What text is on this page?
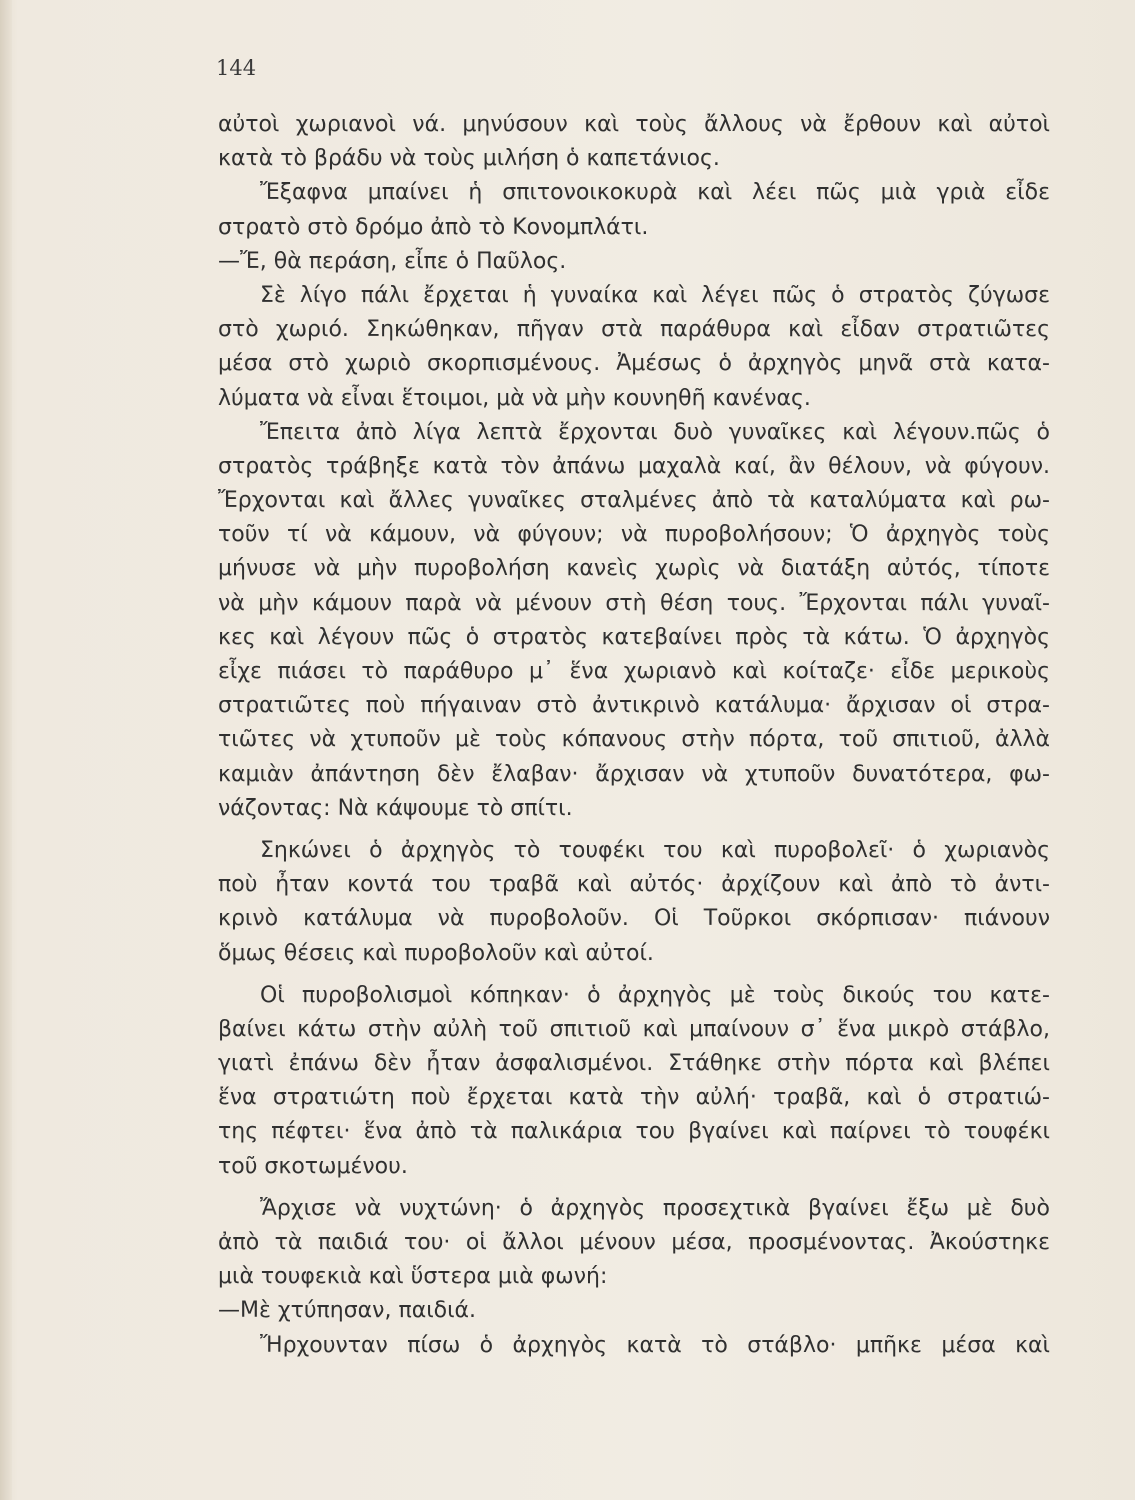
144
αὐτοὶ χωριανοὶ νά. μηνύσουν καὶ τοὺς ἄλλους νὰ ἔρθουν καὶ αὐτοὶ
κατὰ τὸ βράδυ νὰ τοὺς μιλήση ὁ καπετάνιος.
Ἔξαφνα μπαίνει ἡ σπιτονοικοκυρὰ καὶ λέει πῶς μιὰ γριὰ εἶδε
στρατὸ στὸ δρόμο ἀπὸ τὸ Κονομπλάτι.
—Ἔ, θὰ περάση, εἶπε ὁ Παῦλος.
Σὲ λίγο πάλι ἔρχεται ἡ γυναίκα καὶ λέγει πῶς ὁ στρατὸς ζύγωσε
στὸ χωριό. Σηκώθηκαν, πῆγαν στὰ παράθυρα καὶ εἶδαν στρατιῶτες
μέσα στὸ χωριὸ σκορπισμένους. Ἀμέσως ὁ ἀρχηγὸς μηνᾶ στὰ κατα-
λύματα νὰ εἶναι ἕτοιμοι, μὰ νὰ μὴν κουνηθῆ κανένας.
Ἔπειτα ἀπὸ λίγα λεπτὰ ἔρχονται δυὸ γυναῖκες καὶ λέγουν.πῶς ὁ
στρατὸς τράβηξε κατὰ τὸν ἀπάνω μαχαλὰ καί, ἂν θέλουν, νὰ φύγουν.
Ἔρχονται καὶ ἄλλες γυναῖκες σταλμένες ἀπὸ τὰ καταλύματα καὶ ρω-
τοῦν τί νὰ κάμουν, νὰ φύγουν; νὰ πυροβολήσουν; Ὁ ἀρχηγὸς τοὺς
μήνυσε νὰ μὴν πυροβολήση κανεὶς χωρὶς νὰ διατάξη αὐτός, τίποτε
νὰ μὴν κάμουν παρὰ νὰ μένουν στὴ θέση τους. Ἔρχονται πάλι γυναῖ-
κες καὶ λέγουν πῶς ὁ στρατὸς κατεβαίνει πρὸς τὰ κάτω. Ὁ ἀρχηγὸς
εἶχε πιάσει τὸ παράθυρο μ᾽ ἕνα χωριανὸ καὶ κοίταζε· εἶδε μερικοὺς
στρατιῶτες ποὺ πήγαιναν στὸ ἀντικρινὸ κατάλυμα· ἄρχισαν οἱ στρα-
τιῶτες νὰ χτυποῦν μὲ τοὺς κόπανους στὴν πόρτα, τοῦ σπιτιοῦ, ἀλλὰ
καμιὰν ἀπάντηση δὲν ἔλαβαν· ἄρχισαν νὰ χτυποῦν δυνατότερα, φω-
νάζοντας: Νὰ κάψουμε τὸ σπίτι.
Σηκώνει ὁ ἀρχηγὸς τὸ τουφέκι του καὶ πυροβολεῖ· ὁ χωριανὸς
ποὺ ἦταν κοντά του τραβᾶ καὶ αὐτός· ἀρχίζουν καὶ ἀπὸ τὸ ἀντι-
κρινὸ κατάλυμα νὰ πυροβολοῦν. Οἱ Τοῦρκοι σκόρπισαν· πιάνουν
ὅμως θέσεις καὶ πυροβολοῦν καὶ αὐτοί.
Οἱ πυροβολισμοὶ κόπηκαν· ὁ ἀρχηγὸς μὲ τοὺς δικούς του κατε-
βαίνει κάτω στὴν αὐλὴ τοῦ σπιτιοῦ καὶ μπαίνουν σ᾽ ἕνα μικρὸ στάβλο,
γιατὶ ἐπάνω δὲν ἦταν ἀσφαλισμένοι. Στάθηκε στὴν πόρτα καὶ βλέπει
ἕνα στρατιώτη ποὺ ἔρχεται κατὰ τὴν αὐλή· τραβᾶ, καὶ ὁ στρατιώ-
της πέφτει· ἕνα ἀπὸ τὰ παλικάρια του βγαίνει καὶ παίρνει τὸ τουφέκι
τοῦ σκοτωμένου.
Ἄρχισε νὰ νυχτώνη· ὁ ἀρχηγὸς προσεχτικὰ βγαίνει ἔξω μὲ δυὸ
ἀπὸ τὰ παιδιά του· οἱ ἄλλοι μένουν μέσα, προσμένοντας. Ἀκούστηκε
μιὰ τουφεκιὰ καὶ ὕστερα μιὰ φωνή:
—Μὲ χτύπησαν, παιδιά.
Ἤρχουνταν πίσω ὁ ἀρχηγὸς κατὰ τὸ στάβλο· μπῆκε μέσα καὶ
